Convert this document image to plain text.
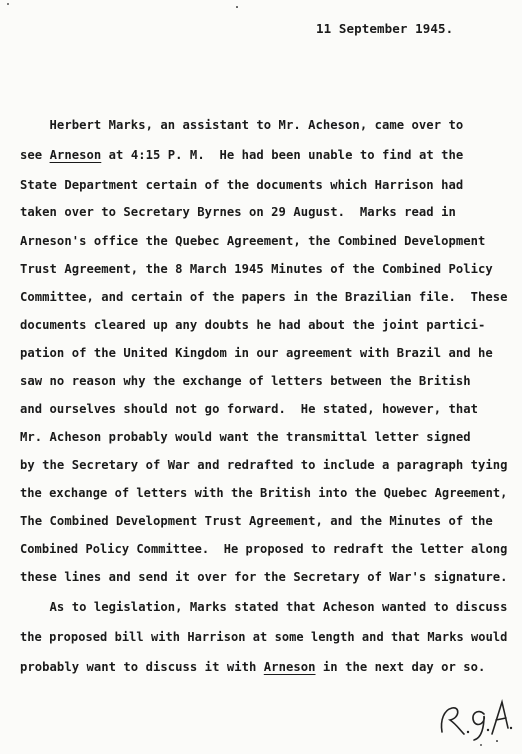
11 September 1945.
Herbert Marks, an assistant to Mr. Acheson, came over to
see Arneson at 4:15 P. M.  He had been unable to find at the
State Department certain of the documents which Harrison had
taken over to Secretary Byrnes on 29 August.  Marks read in
Arneson's office the Quebec Agreement, the Combined Development
Trust Agreement, the 8 March 1945 Minutes of the Combined Policy
Committee, and certain of the papers in the Brazilian file.  These
documents cleared up any doubts he had about the joint partici-
pation of the United Kingdom in our agreement with Brazil and he
saw no reason why the exchange of letters between the British
and ourselves should not go forward.  He stated, however, that
Mr. Acheson probably would want the transmittal letter signed
by the Secretary of War and redrafted to include a paragraph tying
the exchange of letters with the British into the Quebec Agreement,
The Combined Development Trust Agreement, and the Minutes of the
Combined Policy Committee.  He proposed to redraft the letter along
these lines and send it over for the Secretary of War's signature.
As to legislation, Marks stated that Acheson wanted to discuss
the proposed bill with Harrison at some length and that Marks would
probably want to discuss it with Arneson in the next day or so.
